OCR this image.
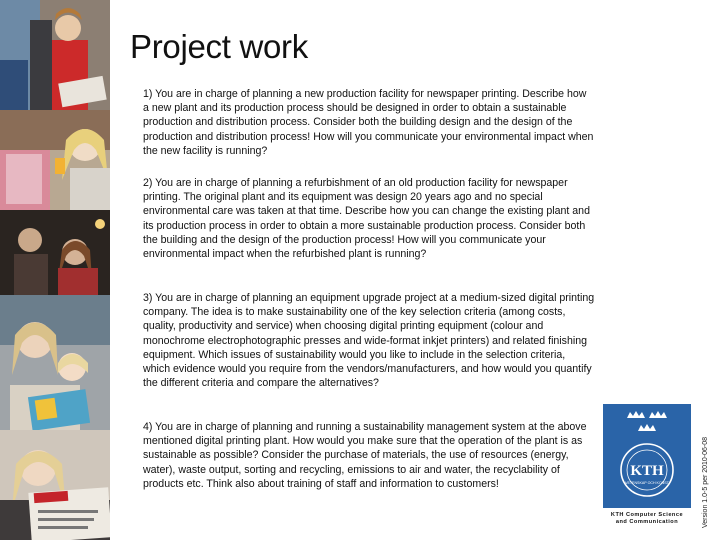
Project work

1) You are in charge of planning a new production facility for newspaper printing. Describe how a new plant and its production process should be designed in order to obtain a sustainable production and distribution process. Consider both the building design and the design of the production and distribution process! How will you communicate your environmental impact when the new facility is running?

2) You are in charge of planning a refurbishment of an old production facility for newspaper printing. The original plant and its equipment was design 20 years ago and no special environmental care was taken at that time. Describe how you can change the existing plant and its production process in order to obtain a more sustainable production process. Consider both the building and the design of the production process! How will you communicate your environmental impact when the refurbished plant is running?

3) You are in charge of planning an equipment upgrade project at a medium-sized digital printing company. The idea is to make sustainability one of the key selection criteria (among costs, quality, productivity and service) when choosing digital printing equipment (colour and monochrome electrophotographic presses and wide-format inkjet printers) and related finishing equipment. Which issues of sustainability would you like to include in the selection criteria, which evidence would you require from the vendors/manufacturers, and how would you quantify the different criteria and compare the alternatives?

4) You are in charge of planning and running a sustainability management system at the above mentioned digital printing plant. How would you make sure that the operation of the plant is as sustainable as possible? Consider the purchase of materials, the use of resources (energy, water), waste output, sorting and recycling, emissions to air and water, the recyclability of products etc. Think also about training of staff and information to customers!

KTH
VETENSKAP OCH KONST
KTH Computer Science
and Communication	Version 1.0-5 per 2010-06-08
